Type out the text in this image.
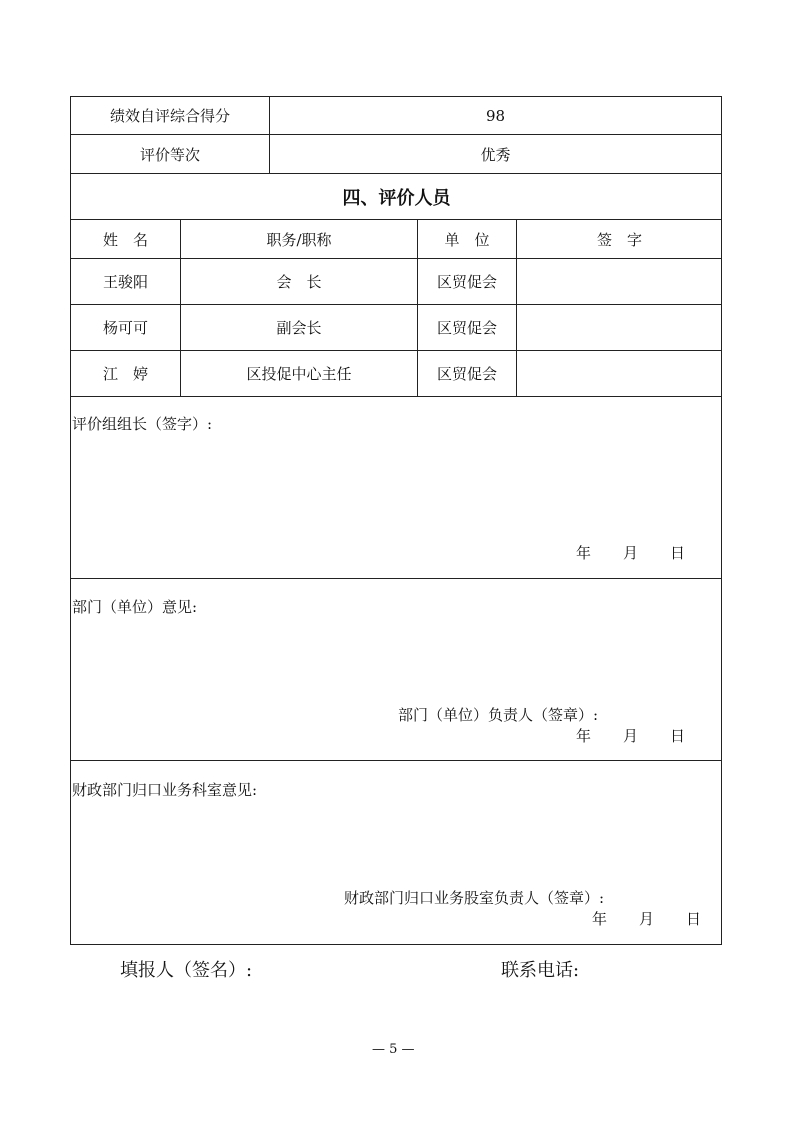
绩效自评综合得分	98
评价等次	优秀
四、评价人员
姓　名	职务/职称	单　位	签　字
王骏阳	会　长	区贸促会
杨可可	副会长	区贸促会
江　婷	区投促中心主任	区贸促会
评价组组长（签字）:
年 月 日
部门（单位）意见:
部门（单位）负责人（签章）:
年 月 日
财政部门归口业务科室意见:
财政部门归口业务股室负责人（签章）:
年 月 日
填报人（签名）:	联系电话:
— 5 —
